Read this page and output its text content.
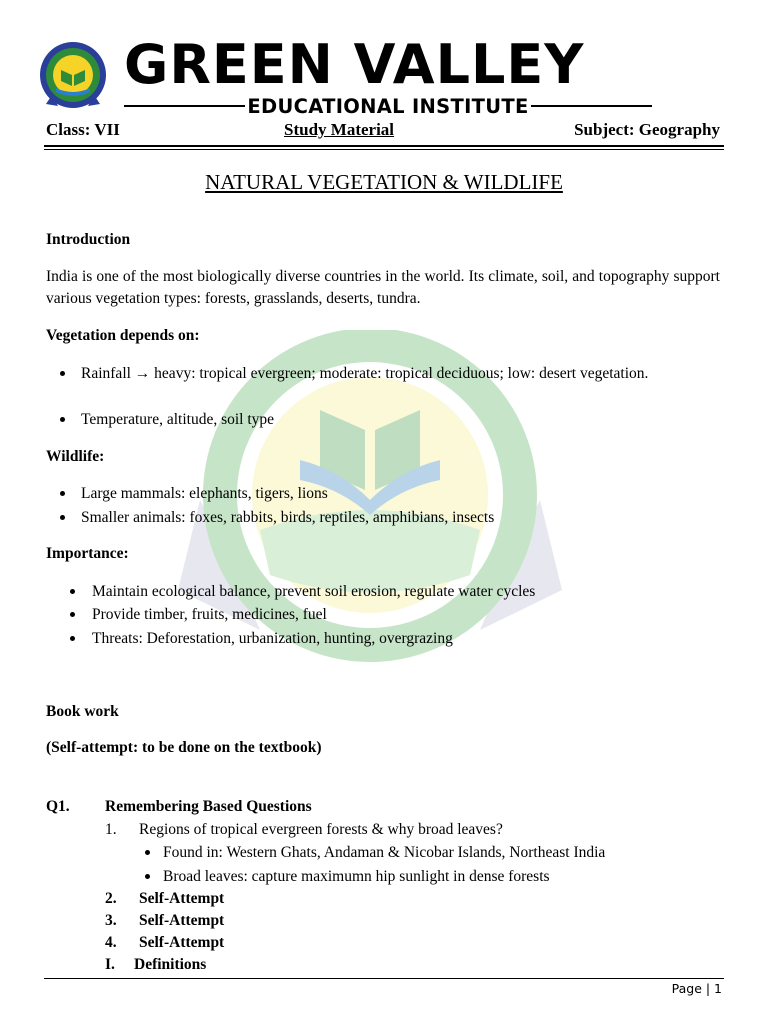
GREEN VALLEY
EDUCATIONAL INSTITUTE
Class: VII	Study Material	Subject: Geography
NATURAL VEGETATION & WILDLIFE
Introduction
India is one of the most biologically diverse countries in the world. Its climate, soil, and topography support various vegetation types: forests, grasslands, deserts, tundra.
Vegetation depends on:
Rainfall → heavy: tropical evergreen; moderate: tropical deciduous; low: desert vegetation.
Temperature, altitude, soil type
Wildlife:
Large mammals: elephants, tigers, lions
Smaller animals: foxes, rabbits, birds, reptiles, amphibians, insects
Importance:
Maintain ecological balance, prevent soil erosion, regulate water cycles
Provide timber, fruits, medicines, fuel
Threats: Deforestation, urbanization, hunting, overgrazing
Book work
(Self-attempt: to be done on the textbook)
Q1. Remembering Based Questions
1. Regions of tropical evergreen forests & why broad leaves?
Found in: Western Ghats, Andaman & Nicobar Islands, Northeast India
Broad leaves: capture maximumn hip sunlight in dense forests
2. Self-Attempt
3. Self-Attempt
4. Self-Attempt
I. Definitions
Page | 1
